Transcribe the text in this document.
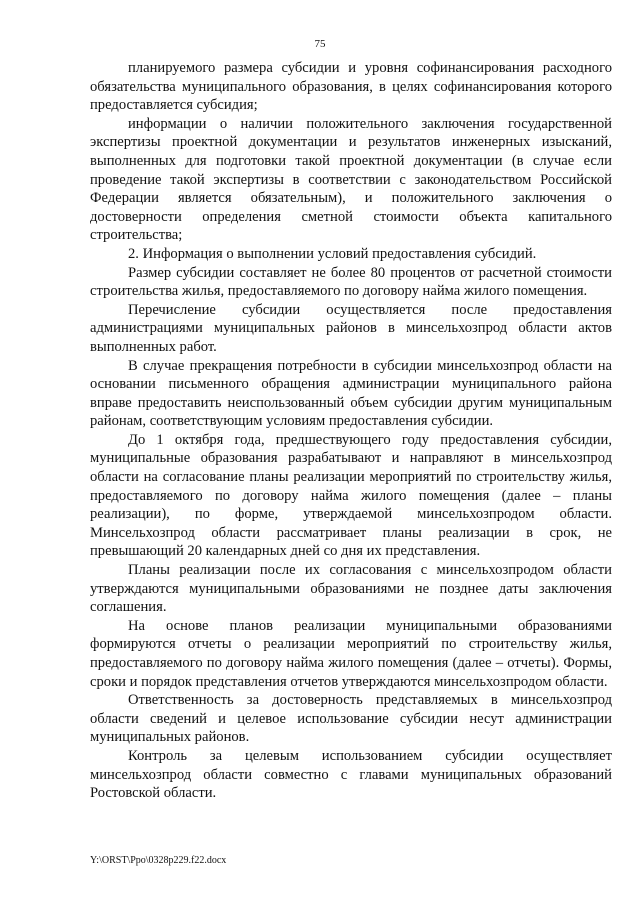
75

планируемого размера субсидии и уровня софинансирования расходного обязательства муниципального образования, в целях софинансирования которого предоставляется субсидия;

информации о наличии положительного заключения государственной экспертизы проектной документации и результатов инженерных изысканий, выполненных для подготовки такой проектной документации (в случае если проведение такой экспертизы в соответствии с законодательством Российской Федерации является обязательным), и положительного заключения о достоверности определения сметной стоимости объекта капитального строительства;

2. Информация о выполнении условий предоставления субсидий.

Размер субсидии составляет не более 80 процентов от расчетной стоимости строительства жилья, предоставляемого по договору найма жилого помещения.

Перечисление субсидии осуществляется после предоставления администрациями муниципальных районов в минсельхозпрод области актов выполненных работ.

В случае прекращения потребности в субсидии минсельхозпрод области на основании письменного обращения администрации муниципального района вправе предоставить неиспользованный объем субсидии другим муниципальным районам, соответствующим условиям предоставления субсидии.

До 1 октября года, предшествующего году предоставления субсидии, муниципальные образования разрабатывают и направляют в минсельхозпрод области на согласование планы реализации мероприятий по строительству жилья, предоставляемого по договору найма жилого помещения (далее – планы реализации), по форме, утверждаемой минсельхозпродом области. Минсельхозпрод области рассматривает планы реализации в срок, не превышающий 20 календарных дней со дня их представления.

Планы реализации после их согласования с минсельхозпродом области утверждаются муниципальными образованиями не позднее даты заключения соглашения.

На основе планов реализации муниципальными образованиями формируются отчеты о реализации мероприятий по строительству жилья, предоставляемого по договору найма жилого помещения (далее – отчеты). Формы, сроки и порядок представления отчетов утверждаются минсельхозпродом области.

Ответственность за достоверность представляемых в минсельхозпрод области сведений и целевое использование субсидии несут администрации муниципальных районов.

Контроль за целевым использованием субсидии осуществляет минсельхозпрод области совместно с главами муниципальных образований Ростовской области.

Y:\ORST\Ppo\0328p229.f22.docx
